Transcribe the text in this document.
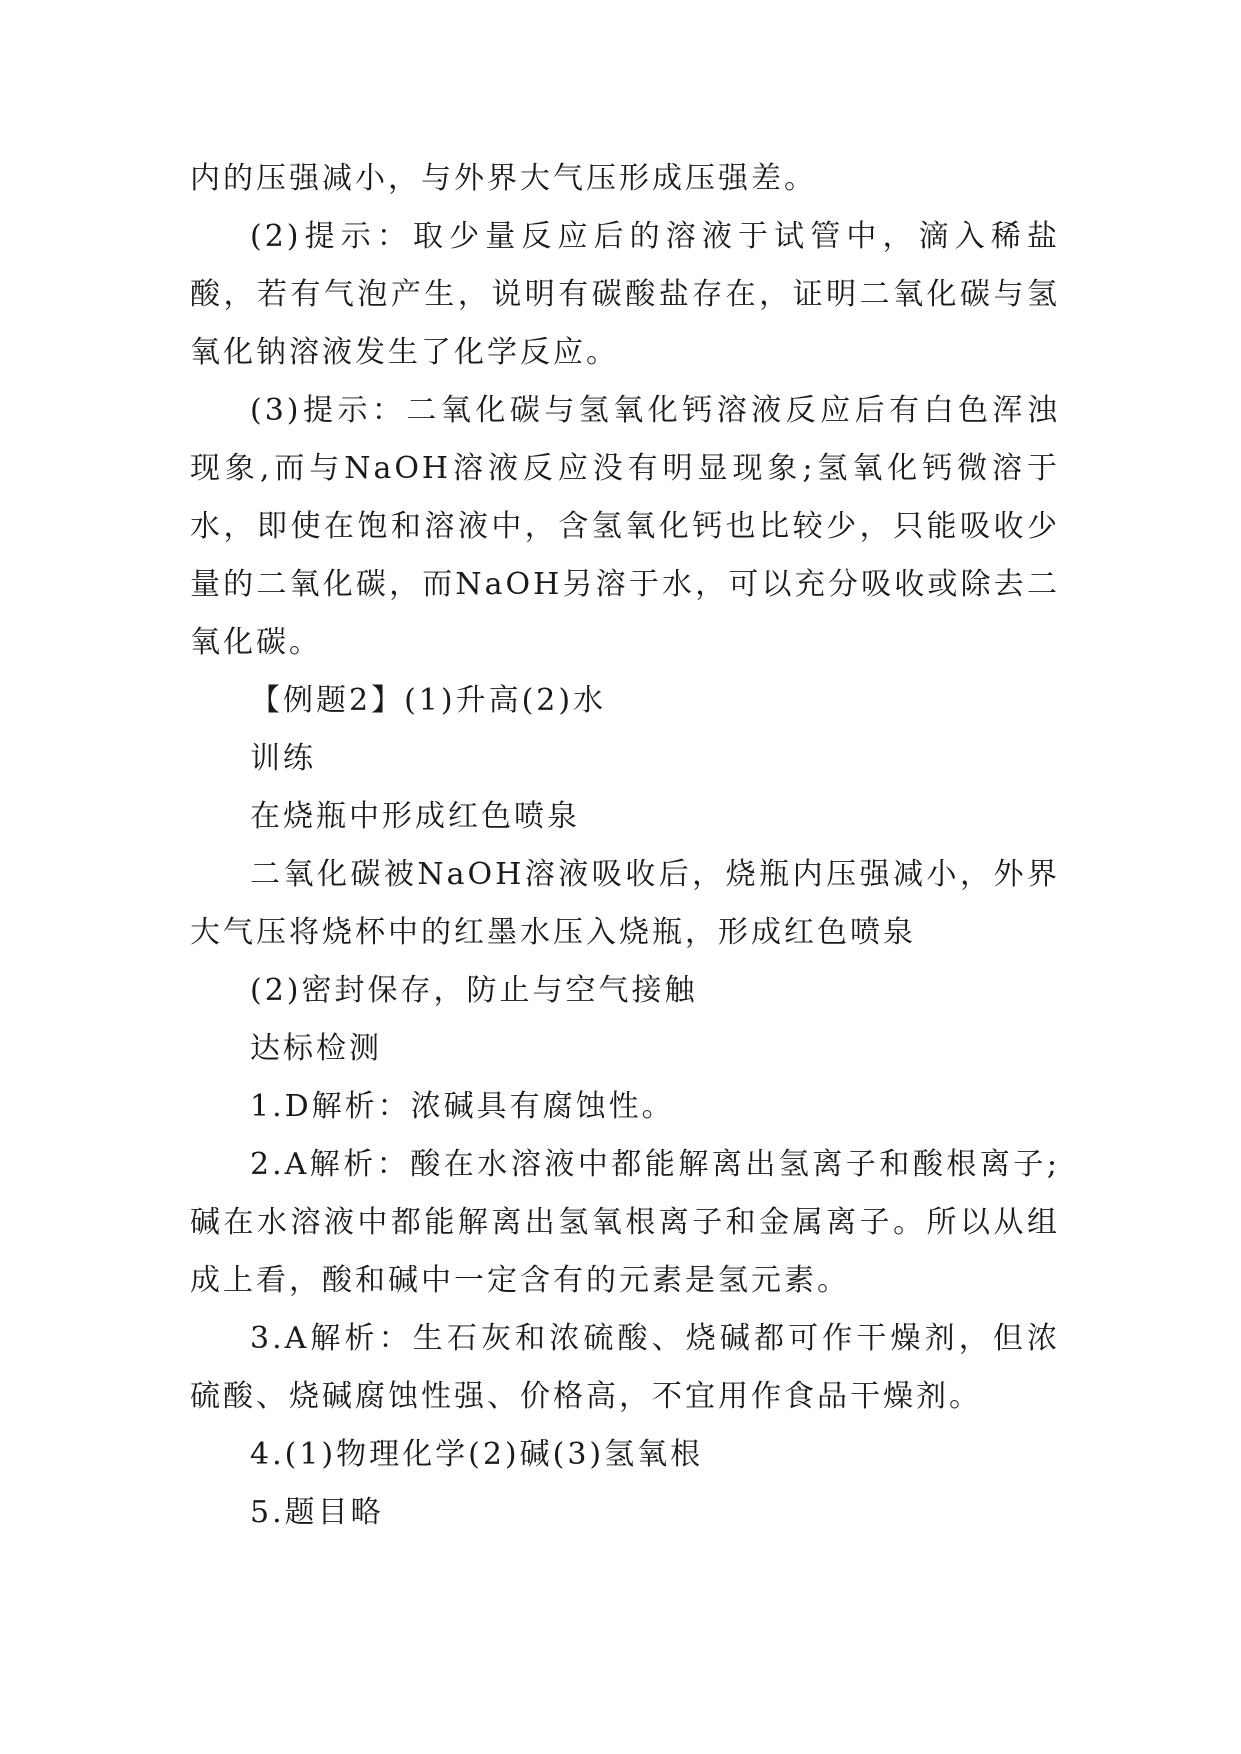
内的压强减小，与外界大气压形成压强差。

(2)提示：取少量反应后的溶液于试管中，滴入稀盐酸，若有气泡产生，说明有碳酸盐存在，证明二氧化碳与氢氧化钠溶液发生了化学反应。

(3)提示：二氧化碳与氢氧化钙溶液反应后有白色浑浊现象,而与NaOH溶液反应没有明显现象;氢氧化钙微溶于水，即使在饱和溶液中，含氢氧化钙也比较少，只能吸收少量的二氧化碳，而NaOH另溶于水，可以充分吸收或除去二氧化碳。

【例题2】(1)升高(2)水

训练

在烧瓶中形成红色喷泉

二氧化碳被NaOH溶液吸收后，烧瓶内压强减小，外界大气压将烧杯中的红墨水压入烧瓶，形成红色喷泉

(2)密封保存，防止与空气接触

达标检测

1.D解析：浓碱具有腐蚀性。

2.A解析：酸在水溶液中都能解离出氢离子和酸根离子;碱在水溶液中都能解离出氢氧根离子和金属离子。所以从组成上看，酸和碱中一定含有的元素是氢元素。

3.A解析：生石灰和浓硫酸、烧碱都可作干燥剂，但浓硫酸、烧碱腐蚀性强、价格高，不宜用作食品干燥剂。

4.(1)物理化学(2)碱(3)氢氧根

5.题目略
